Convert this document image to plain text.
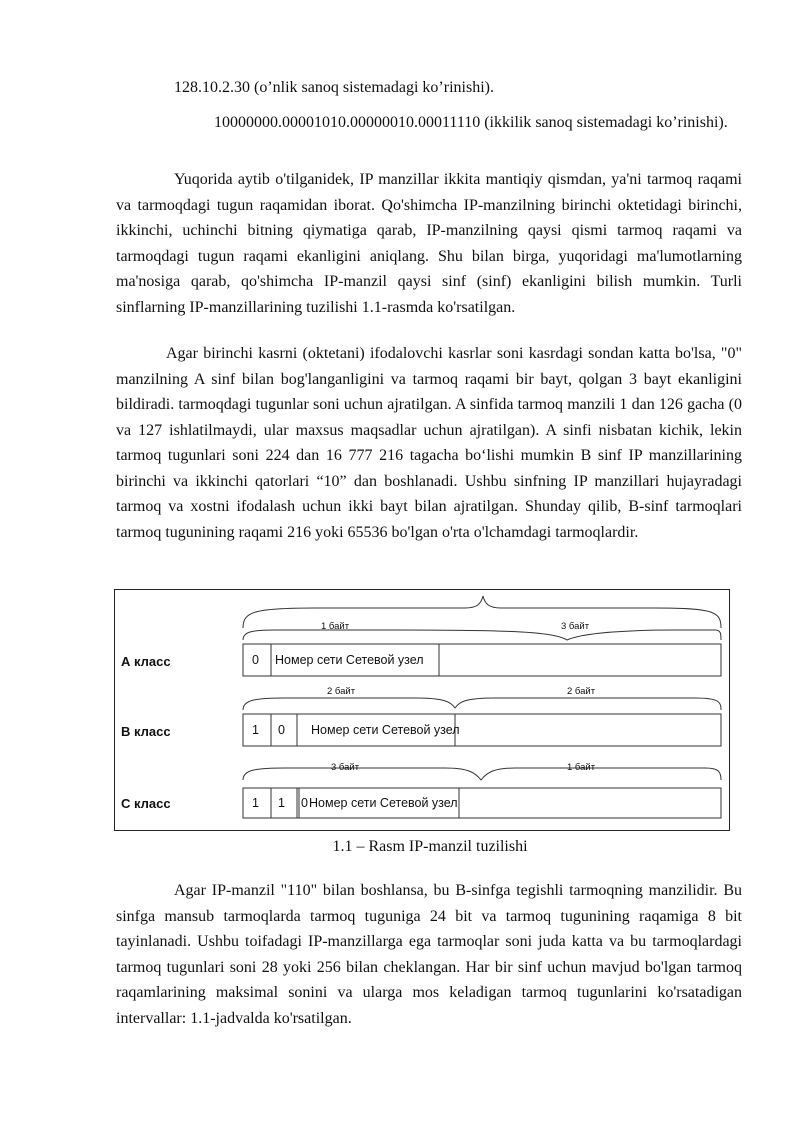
128.10.2.30 (o’nlik sanoq sistemadagi ko’rinishi).

10000000.00001010.00000010.00011110 (ikkilik sanoq sistemadagi ko’rinishi).

Yuqorida aytib o'tilganidek, IP manzillar ikkita mantiqiy qismdan, ya'ni tarmoq raqami va tarmoqdagi tugun raqamidan iborat. Qo'shimcha IP-manzilning birinchi oktetidagi birinchi, ikkinchi, uchinchi bitning qiymatiga qarab, IP-manzilning qaysi qismi tarmoq raqami va tarmoqdagi tugun raqami ekanligini aniqlang. Shu bilan birga, yuqoridagi ma'lumotlarning ma'nosiga qarab, qo'shimcha IP-manzil qaysi sinf (sinf) ekanligini bilish mumkin. Turli sinflarning IP-manzillarining tuzilishi 1.1-rasmda ko'rsatilgan.

Agar birinchi kasrni (oktetani) ifodalovchi kasrlar soni kasrdagi sondan katta bo'lsa, "0" manzilning A sinf bilan bog'langanligini va tarmoq raqami bir bayt, qolgan 3 bayt ekanligini bildiradi. tarmoqdagi tugunlar soni uchun ajratilgan. A sinfida tarmoq manzili 1 dan 126 gacha (0 va 127 ishlatilmaydi, ular maxsus maqsadlar uchun ajratilgan). A sinfi nisbatan kichik, lekin tarmoq tugunlari soni 224 dan 16 777 216 tagacha bo‘lishi mumkin B sinf IP manzillarining birinchi va ikkinchi qatorlari “10” dan boshlanadi. Ushbu sinfning IP manzillari hujayradagi tarmoq va xostni ifodalash uchun ikki bayt bilan ajratilgan. Shunday qilib, B-sinf tarmoqlari tarmoq tugunining raqami 216 yoki 65536 bo'lgan o'rta o'lchamdagi tarmoqlardir.

1 байт	3 байт
А класс	0 Номер сети Сетевой узел
2 байт	2 байт
В класс	1 0 Номер сети Сетевой узел
3 байт	1 байт
С класс	1 1 0 Номер сети Сетевой узел
1.1 – Rasm IP-manzil tuzilishi

Agar IP-manzil "110" bilan boshlansa, bu B-sinfga tegishli tarmoqning manzilidir. Bu sinfga mansub tarmoqlarda tarmoq tuguniga 24 bit va tarmoq tugunining raqamiga 8 bit tayinlanadi. Ushbu toifadagi IP-manzillarga ega tarmoqlar soni juda katta va bu tarmoqlardagi tarmoq tugunlari soni 28 yoki 256 bilan cheklangan. Har bir sinf uchun mavjud bo'lgan tarmoq raqamlarining maksimal sonini va ularga mos keladigan tarmoq tugunlarini ko'rsatadigan intervallar: 1.1-jadvalda ko'rsatilgan.
